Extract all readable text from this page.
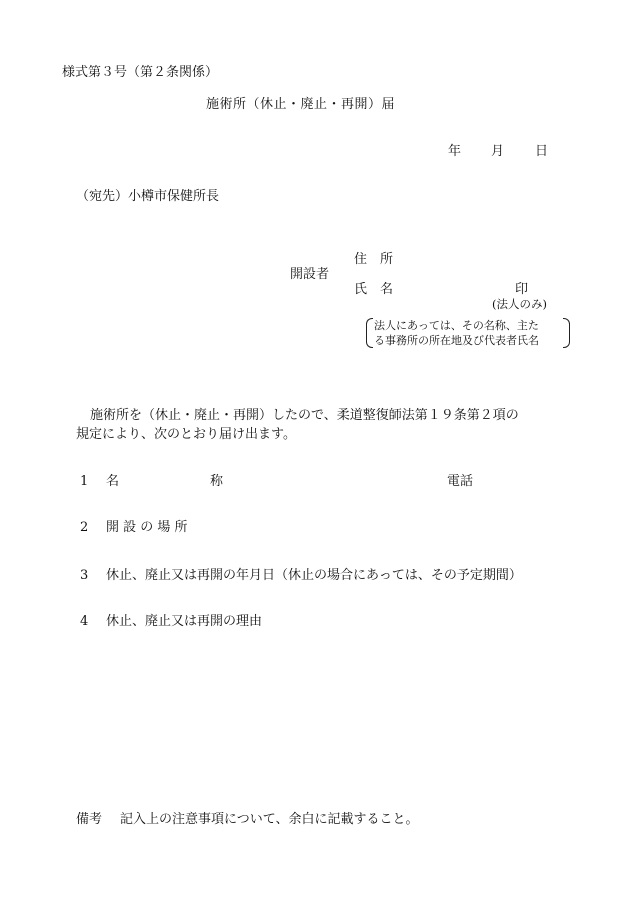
様式第３号（第２条関係）
施術所（休止・廃止・再開）届
年 月 日
（宛先）小樽市保健所長
開設者
住　所
氏　名	印
(法人のみ)
法人にあっては、その名称、主た
る事務所の所在地及び代表者氏名
施術所を（休止・廃止・再開）したので、柔道整復師法第１９条第２項の
規定により、次のとおり届け出ます。
1 名　　　　　　　称	電話
2 開 設 の 場 所
3 休止、廃止又は再開の年月日（休止の場合にあっては、その予定期間）
4 休止、廃止又は再開の理由
備考 記入上の注意事項について、余白に記載すること。
